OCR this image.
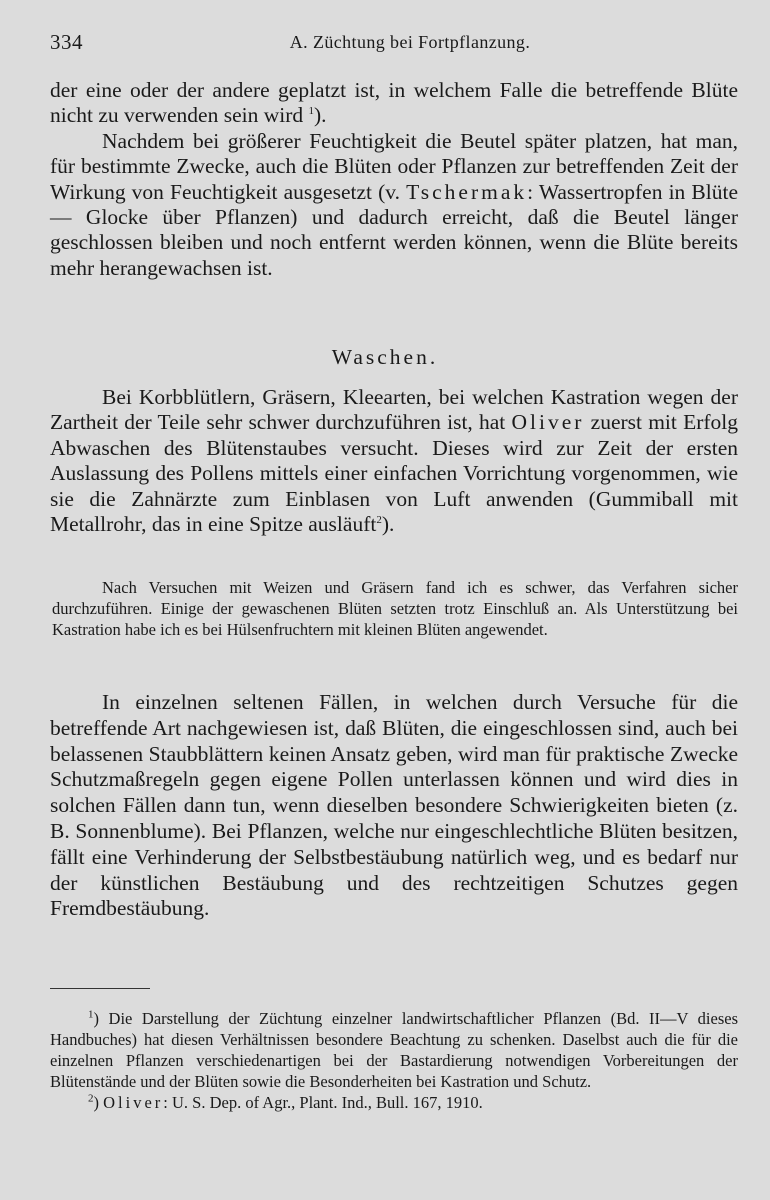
334	A. Züchtung bei Fortpflanzung.

der eine oder der andere geplatzt ist, in welchem Falle die betreffende Blüte nicht zu verwenden sein wird $^1$).

Nachdem bei größerer Feuchtigkeit die Beutel später platzen, hat man, für bestimmte Zwecke, auch die Blüten oder Pflanzen zur betreffenden Zeit der Wirkung von Feuchtigkeit ausgesetzt (v. Tschermak: Wassertropfen in Blüte — Glocke über Pflanzen) und dadurch erreicht, daß die Beutel länger geschlossen bleiben und noch entfernt werden können, wenn die Blüte bereits mehr herangewachsen ist.

Waschen.

Bei Korbblütlern, Gräsern, Kleearten, bei welchen Kastration wegen der Zartheit der Teile sehr schwer durchzuführen ist, hat Oliver zuerst mit Erfolg Abwaschen des Blütenstaubes versucht. Dieses wird zur Zeit der ersten Auslassung des Pollens mittels einer einfachen Vorrichtung vorgenommen, wie sie die Zahnärzte zum Einblasen von Luft anwenden (Gummiball mit Metallrohr, das in eine Spitze ausläuft$^2$).

Nach Versuchen mit Weizen und Gräsern fand ich es schwer, das Verfahren sicher durchzuführen. Einige der gewaschenen Blüten setzten trotz Einschluß an. Als Unterstützung bei Kastration habe ich es bei Hülsenfruchtern mit kleinen Blüten angewendet.

In einzelnen seltenen Fällen, in welchen durch Versuche für die betreffende Art nachgewiesen ist, daß Blüten, die eingeschlossen sind, auch bei belassenen Staubblättern keinen Ansatz geben, wird man für praktische Zwecke Schutzmaßregeln gegen eigene Pollen unterlassen können und wird dies in solchen Fällen dann tun, wenn dieselben besondere Schwierigkeiten bieten (z. B. Sonnenblume). Bei Pflanzen, welche nur eingeschlechtliche Blüten besitzen, fällt eine Verhinderung der Selbstbestäubung natürlich weg, und es bedarf nur der künstlichen Bestäubung und des rechtzeitigen Schutzes gegen Fremdbestäubung.

$^1$) Die Darstellung der Züchtung einzelner landwirtschaftlicher Pflanzen (Bd. II—V dieses Handbuches) hat diesen Verhältnissen besondere Beachtung zu schenken. Daselbst auch die für die einzelnen Pflanzen verschiedenartigen bei der Bastardierung notwendigen Vorbereitungen der Blütenstände und der Blüten sowie die Besonderheiten bei Kastration und Schutz.

$^2$) Oliver: U. S. Dep. of Agr., Plant. Ind., Bull. 167, 1910.
